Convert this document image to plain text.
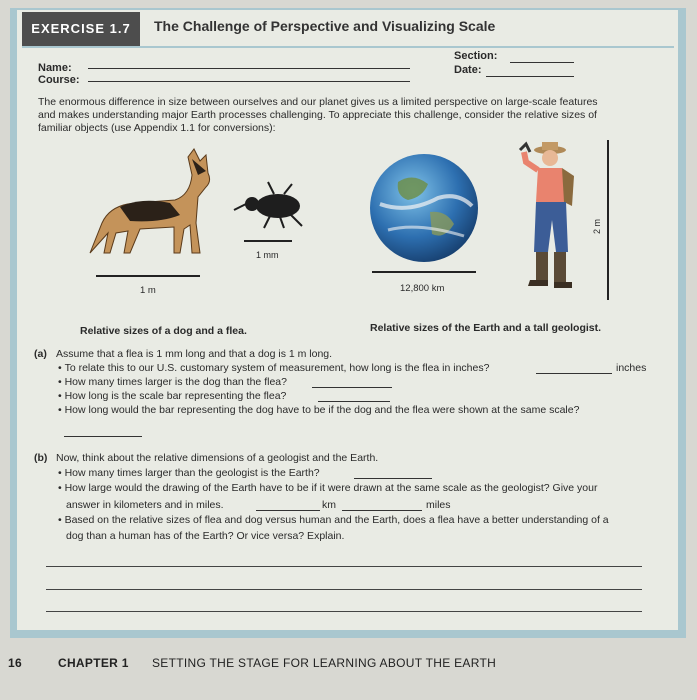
EXERCISE 1.7	The Challenge of Perspective and Visualizing Scale
Name:
Course:
Section:
Date:
The enormous difference in size between ourselves and our planet gives us a limited perspective on large-scale features
and makes understanding major Earth processes challenging. To appreciate this challenge, consider the relative sizes of
familiar objects (use Appendix 1.1 for conversions):
1 m
1 mm
12,800 km
2 m
Relative sizes of a dog and a flea.	Relative sizes of the Earth and a tall geologist.
(a) Assume that a flea is 1 mm long and that a dog is 1 m long.
• To relate this to our U.S. customary system of measurement, how long is the flea in inches?	inches
• How many times larger is the dog than the flea?
• How long is the scale bar representing the flea?
• How long would the bar representing the dog have to be if the dog and the flea were shown at the same scale?
(b) Now, think about the relative dimensions of a geologist and the Earth.
• How many times larger than the geologist is the Earth?
• How large would the drawing of the Earth have to be if it were drawn at the same scale as the geologist? Give your
answer in kilometers and in miles.	km	miles
• Based on the relative sizes of flea and dog versus human and the Earth, does a flea have a better understanding of a
dog than a human has of the Earth? Or vice versa? Explain.
16	CHAPTER 1 SETTING THE STAGE FOR LEARNING ABOUT THE EARTH
